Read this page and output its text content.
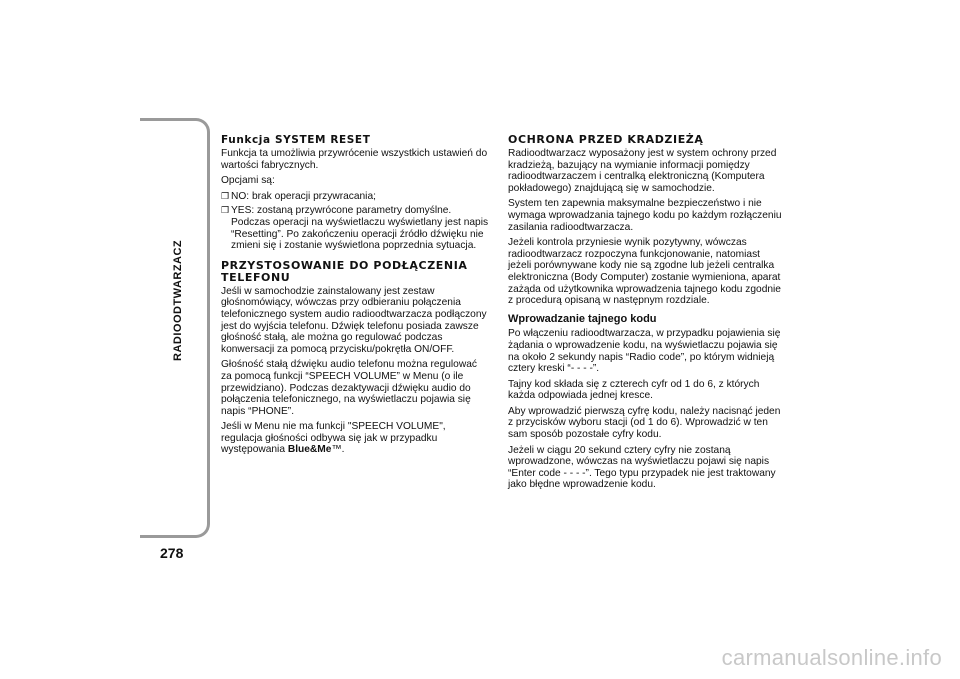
RADIOODTWARZACZ
278
Funkcja SYSTEM RESET

Funkcja ta umożliwia przywrócenie wszystkich ustawień do wartości fabrycznych.

Opcjami są:

❒ NO: brak operacji przywracania;
❒ YES: zostaną przywrócone parametry domyślne. Podczas operacji na wyświetlaczu wyświetlany jest napis “Resetting”. Po zakończeniu operacji źródło dźwięku nie zmieni się i zostanie wyświetlona poprzednia sytuacja.
PRZYSTOSOWANIE DO PODŁĄCZENIA TELEFONU

Jeśli w samochodzie zainstalowany jest zestaw głośnomówiący, wówczas przy odbieraniu połączenia telefonicznego system audio radioodtwarzacza podłączony jest do wyjścia telefonu. Dźwięk telefonu posiada zawsze głośność stałą, ale można go regulować podczas konwersacji za pomocą przycisku/pokrętła ON/OFF.

Głośność stałą dźwięku audio telefonu można regulować za pomocą funkcji “SPEECH VOLUME” w Menu (o ile przewidziano). Podczas dezaktywacji dźwięku audio do połączenia telefonicznego, na wyświetlaczu pojawia się napis “PHONE”.

Jeśli w Menu nie ma funkcji "SPEECH VOLUME", regulacja głośności odbywa się jak w przypadku występowania Blue&Me™.

OCHRONA PRZED KRADZIEŻĄ

Radioodtwarzacz wyposażony jest w system ochrony przed kradzieżą, bazujący na wymianie informacji pomiędzy radioodtwarzaczem i centralką elektroniczną (Komputera pokładowego) znajdującą się w samochodzie.

System ten zapewnia maksymalne bezpieczeństwo i nie wymaga wprowadzania tajnego kodu po każdym rozłączeniu zasilania radioodtwarzacza.

Jeżeli kontrola przyniesie wynik pozytywny, wówczas radioodtwarzacz rozpoczyna funkcjonowanie, natomiast jeżeli porównywane kody nie są zgodne lub jeżeli centralka elektroniczna (Body Computer) zostanie wymieniona, aparat zażąda od użytkownika wprowadzenia tajnego kodu zgodnie z procedurą opisaną w następnym rozdziale.

Wprowadzanie tajnego kodu

Po włączeniu radioodtwarzacza, w przypadku pojawienia się żądania o wprowadzenie kodu, na wyświetlaczu pojawia się na około 2 sekundy napis “Radio code”, po którym widnieją cztery kreski “- - - -”.

Tajny kod składa się z czterech cyfr od 1 do 6, z których każda odpowiada jednej kresce.

Aby wprowadzić pierwszą cyfrę kodu, należy nacisnąć jeden z przycisków wyboru stacji (od 1 do 6). Wprowadzić w ten sam sposób pozostałe cyfry kodu.

Jeżeli w ciągu 20 sekund cztery cyfry nie zostaną wprowadzone, wówczas na wyświetlaczu pojawi się napis “Enter code - - - -”. Tego typu przypadek nie jest traktowany jako błędne wprowadzenie kodu.

carmanualsonline.info
